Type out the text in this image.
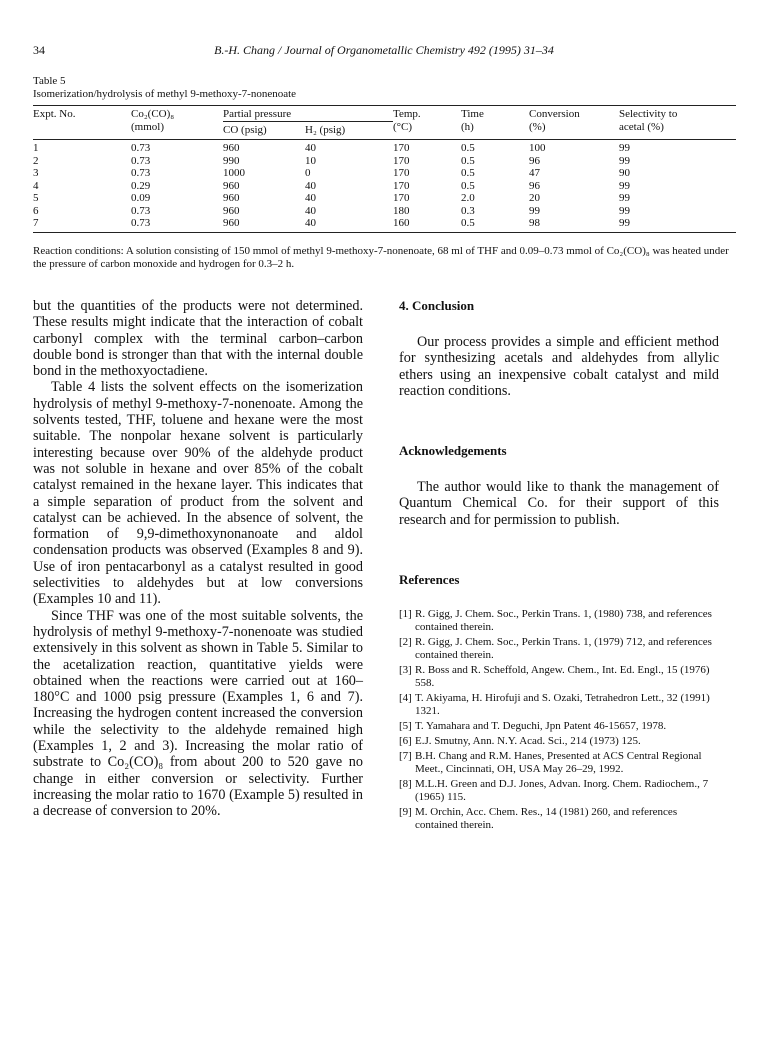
34	B.-H. Chang / Journal of Organometallic Chemistry 492 (1995) 31–34
Table 5
Isomerization/hydrolysis of methyl 9-methoxy-7-nonenoate
Expt. No.	Co₂(CO)₈	Partial pressure		Temp.	Time	Conversion	Selectivity to
	(mmol)	CO (psig)	H₂ (psig)	(°C)	(h)	(%)	acetal (%)
1	0.73	960	40	170	0.5	100	99
2	0.73	990	10	170	0.5	96	99
3	0.73	1000	0	170	0.5	47	90
4	0.29	960	40	170	0.5	96	99
5	0.09	960	40	170	2.0	20	99
6	0.73	960	40	180	0.3	99	99
7	0.73	960	40	160	0.5	98	99
Reaction conditions: A solution consisting of 150 mmol of methyl 9-methoxy-7-nonenoate, 68 ml of THF and 0.09–0.73 mmol of Co₂(CO)₈ was heated under the pressure of carbon monoxide and hydrogen for 0.3–2 h.

but the quantities of the products were not determined. These results might indicate that the interaction of cobalt carbonyl complex with the terminal carbon–carbon double bond is stronger than that with the internal double bond in the methoxyoctadiene.

Table 4 lists the solvent effects on the isomerization hydrolysis of methyl 9-methoxy-7-nonenoate. Among the solvents tested, THF, toluene and hexane were the most suitable. The nonpolar hexane solvent is particularly interesting because over 90% of the aldehyde product was not soluble in hexane and over 85% of the cobalt catalyst remained in the hexane layer. This indicates that a simple separation of product from the solvent and catalyst can be achieved. In the absence of solvent, the formation of 9,9-dimethoxynonanoate and aldol condensation products was observed (Examples 8 and 9). Use of iron pentacarbonyl as a catalyst resulted in good selectivities to aldehydes but at low conversions (Examples 10 and 11).

Since THF was one of the most suitable solvents, the hydrolysis of methyl 9-methoxy-7-nonenoate was studied extensively in this solvent as shown in Table 5. Similar to the acetalization reaction, quantitative yields were obtained when the reactions were carried out at 160–180°C and 1000 psig pressure (Examples 1, 6 and 7). Increasing the hydrogen content increased the conversion while the selectivity to the aldehyde remained high (Examples 1, 2 and 3). Increasing the molar ratio of substrate to Co₂(CO)₈ from about 200 to 520 gave no change in either conversion or selectivity. Further increasing the molar ratio to 1670 (Example 5) resulted in a decrease of conversion to 20%.

4. Conclusion

Our process provides a simple and efficient method for synthesizing acetals and aldehydes from allylic ethers using an inexpensive cobalt catalyst and mild reaction conditions.

Acknowledgements

The author would like to thank the management of Quantum Chemical Co. for their support of this research and for permission to publish.

References
[1] R. Gigg, J. Chem. Soc., Perkin Trans. 1, (1980) 738, and references contained therein.
[2] R. Gigg, J. Chem. Soc., Perkin Trans. 1, (1979) 712, and references contained therein.
[3] R. Boss and R. Scheffold, Angew. Chem., Int. Ed. Engl., 15 (1976) 558.
[4] T. Akiyama, H. Hirofuji and S. Ozaki, Tetrahedron Lett., 32 (1991) 1321.
[5] T. Yamahara and T. Deguchi, Jpn Patent 46-15657, 1978.
[6] E.J. Smutny, Ann. N.Y. Acad. Sci., 214 (1973) 125.
[7] B.H. Chang and R.M. Hanes, Presented at ACS Central Regional Meet., Cincinnati, OH, USA May 26–29, 1992.
[8] M.L.H. Green and D.J. Jones, Advan. Inorg. Chem. Radiochem., 7 (1965) 115.
[9] M. Orchin, Acc. Chem. Res., 14 (1981) 260, and references contained therein.
